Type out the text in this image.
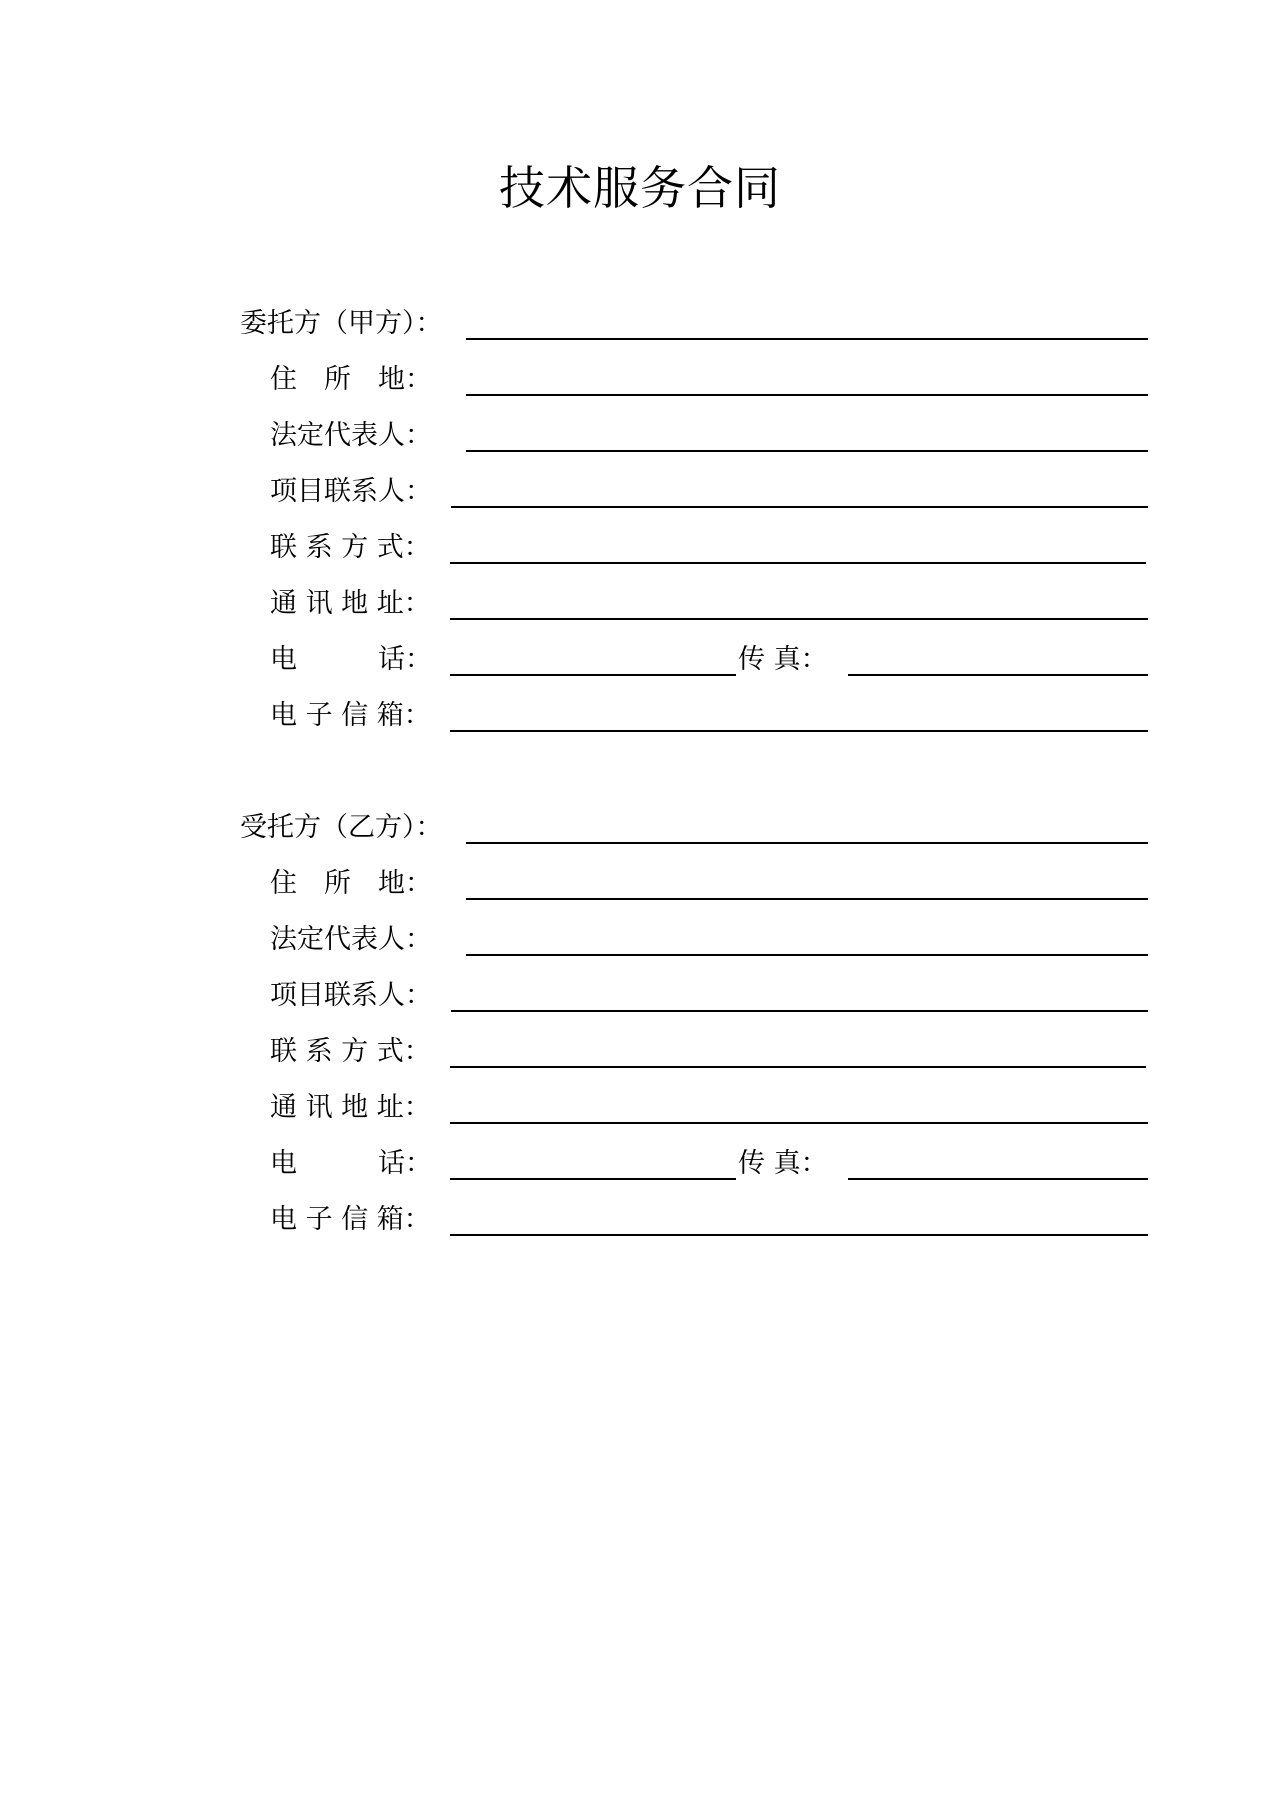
技术服务合同
委托方（甲方）：
住　所　地：
法定代表人：
项目联系人：
联 系 方 式：
通 讯 地 址：
电　　　话：	传 真：
电 子 信 箱：
受托方（乙方）：
住　所　地：
法定代表人：
项目联系人：
联 系 方 式：
通 讯 地 址：
电　　　话：	传 真：
电 子 信 箱：
